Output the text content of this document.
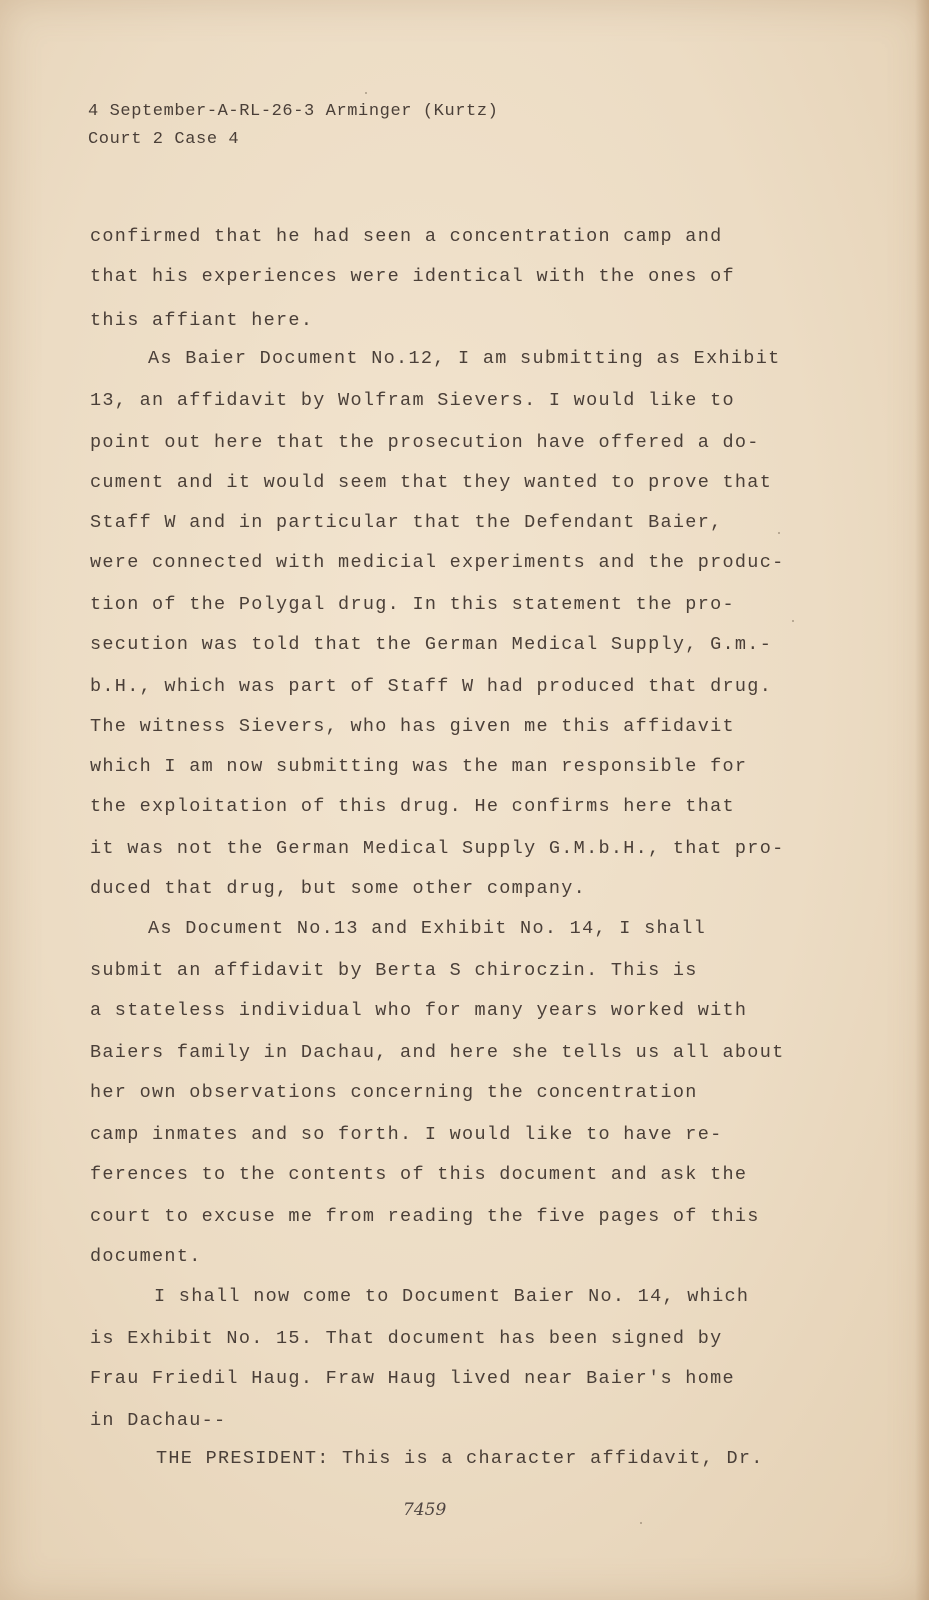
4 September-A-RL-26-3 Arminger (Kurtz)
Court 2 Case 4
confirmed that he had seen a concentration camp and
that his experiences were identical with the ones of
this affiant here.
As Baier Document No.12, I am submitting as Exhibit
13, an affidavit by Wolfram Sievers. I would like to
point out here that the prosecution have offered a do-
cument and it would seem that they wanted to prove that
Staff W and in particular that the Defendant Baier,
were connected with medicial experiments and the produc-
tion of the Polygal drug. In this statement the pro-
secution was told that the German Medical Supply, G.m.-
b.H., which was part of Staff W had produced that drug.
The witness Sievers, who has given me this affidavit
which I am now submitting was the man responsible for
the exploitation of this drug. He confirms here that
it was not the German Medical Supply G.M.b.H., that pro-
duced that drug, but some other company.
As Document No.13 and Exhibit No. 14, I shall
submit an affidavit by Berta S chiroczin. This is
a stateless individual who for many years worked with
Baiers family in Dachau, and here she tells us all about
her own observations concerning the concentration
camp inmates and so forth. I would like to have re-
ferences to the contents of this document and ask the
court to excuse me from reading the five pages of this
document.
I shall now come to Document Baier No. 14, which
is Exhibit No. 15. That document has been signed by
Frau Friedil Haug. Fraw Haug lived near Baier's home
in Dachau--
THE PRESIDENT: This is a character affidavit, Dr.
7459
